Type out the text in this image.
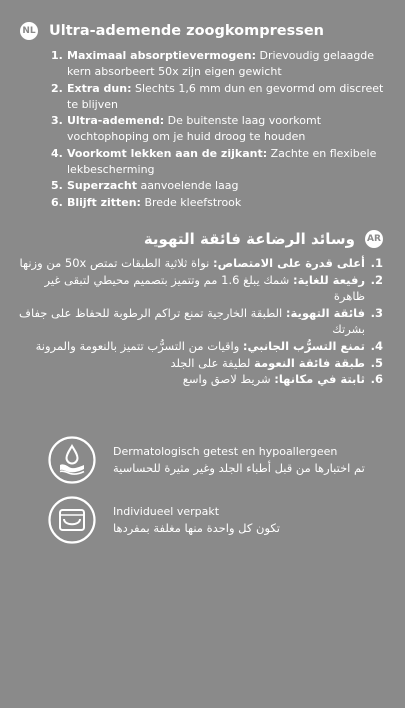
NL Ultra-ademende zoogkompressen
1. Maximaal absorptievermogen: Drievoudig gelaagde kern absorbeert 50x zijn eigen gewicht
2. Extra dun: Slechts 1,6 mm dun en gevormd om discreet te blijven
3. Ultra-ademend: De buitenste laag voorkomt vochtophoping om je huid droog te houden
4. Voorkomt lekken aan de zijkant: Zachte en flexibele lekbescherming
5. Superzacht aanvoelende laag
6. Blijft zitten: Brede kleefstrook
AR
وسائد الرضاعة فائقة التهوية
.1
أعلى قدرة على الامتصاص: نواة ثلاثية الطبقات تمتص 50x من وزنها
.2
رفيعة للغاية: شمك يبلغ 1.6 مم وتتميز بتصميم محيطي لتبقى غير ظاهرة
.3
فائقة التهوية: الطبقة الخارجية تمنع تراكم الرطوبة للحفاظ على جفاف بشرتك
.4
تمنع التسرُّب الجانبي: واقيات من التسرُّب تتميز بالنعومة والمرونة
.5
طبقة فائقة النعومة لطيفة على الجلد
.6
ثابتة في مكانها: شريط لاصق واسع
Dermatologisch getest en hypoallergeen
تم اختبارها من قبل أطباء الجلد وغير مثيرة للحساسية
Individueel verpakt
تكون كل واحدة منها مغلفة بمفردها
